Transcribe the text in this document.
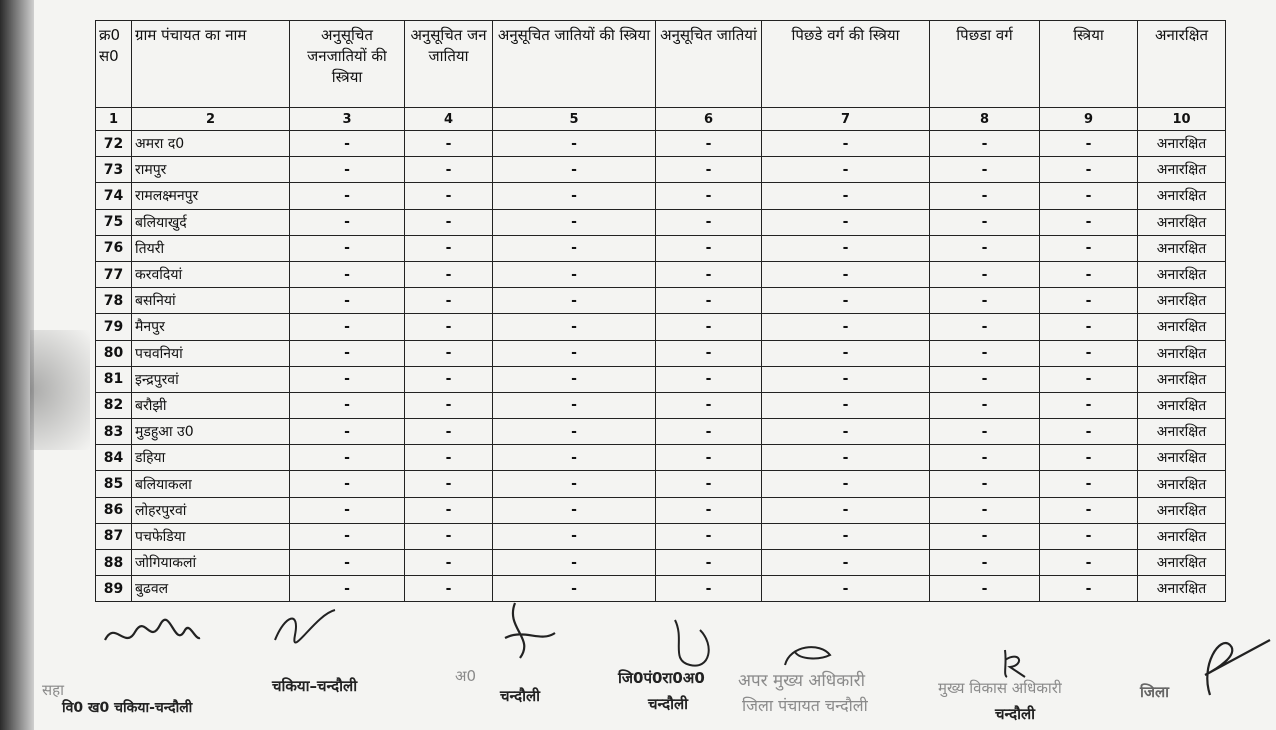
क्र0 स0	ग्राम पंचायत का नाम	अनुसूचित जनजातियों की स्त्रिया	अनुसूचित जन जातिया	अनुसूचित जातियों की स्त्रिया	अनुसूचित जातियां	पिछडे वर्ग की स्त्रिया	पिछडा वर्ग	स्त्रिया	अनारक्षित
1	2	3	4	5	6	7	8	9	10
72	अमरा द0	-	-	-	-	-	-	-	अनारक्षित
73	रामपुर	-	-	-	-	-	-	-	अनारक्षित
74	रामलक्ष्मनपुर	-	-	-	-	-	-	-	अनारक्षित
75	बलियाखुर्द	-	-	-	-	-	-	-	अनारक्षित
76	तियरी	-	-	-	-	-	-	-	अनारक्षित
77	करवदियां	-	-	-	-	-	-	-	अनारक्षित
78	बसनियां	-	-	-	-	-	-	-	अनारक्षित
79	मैनपुर	-	-	-	-	-	-	-	अनारक्षित
80	पचवनियां	-	-	-	-	-	-	-	अनारक्षित
81	इन्द्रपुरवां	-	-	-	-	-	-	-	अनारक्षित
82	बरौझी	-	-	-	-	-	-	-	अनारक्षित
83	मुडहुआ उ0	-	-	-	-	-	-	-	अनारक्षित
84	डहिया	-	-	-	-	-	-	-	अनारक्षित
85	बलियाकला	-	-	-	-	-	-	-	अनारक्षित
86	लोहरपुरवां	-	-	-	-	-	-	-	अनारक्षित
87	पचफेडिया	-	-	-	-	-	-	-	अनारक्षित
88	जोगियाकलां	-	-	-	-	-	-	-	अनारक्षित
89	बुढवल	-	-	-	-	-	-	-	अनारक्षित
सहा
वि0 ख0 चकिया-चन्दौली
चकिया–चन्दौली
अ0
चन्दौली
जि0पं0रा0अ0
चन्दौली
अपर मुख्य अधिकारी
जिला पंचायत चन्दौली
मुख्य विकास अधिकारी
चन्दौली
जिला
